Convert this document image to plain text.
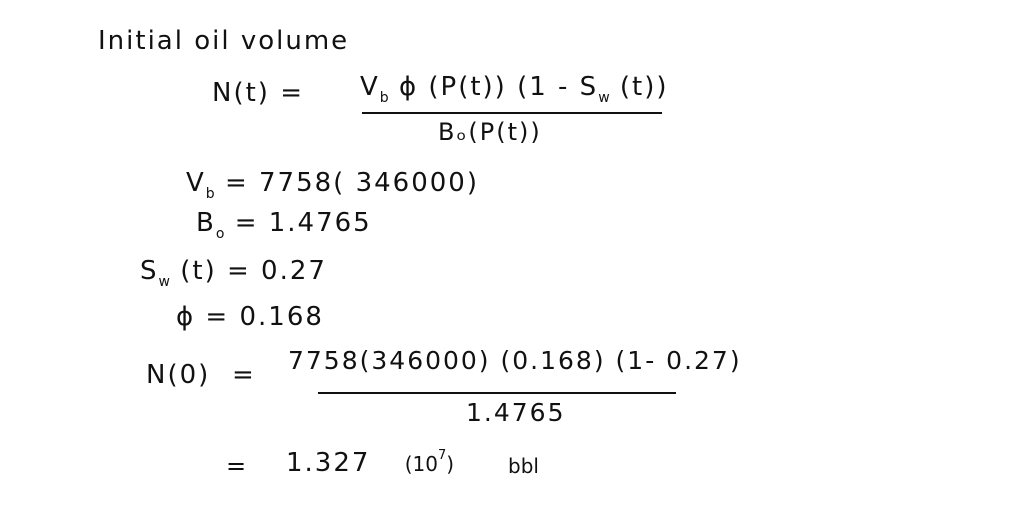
Initial oil volume
$N(t) = V_b$ ϕ (P(t)) ($1 - S_w$ (t))
Bₒ(P(t))
$V_b = 7758$( 346000)
$B_o = 1.4765$
$S_w$ (t) = 0.27
ϕ = 0.168
N(0) = 7758(346000) (0.168) (1- 0.27)
1.4765
= 1.327 $(10^7)$	bbl
